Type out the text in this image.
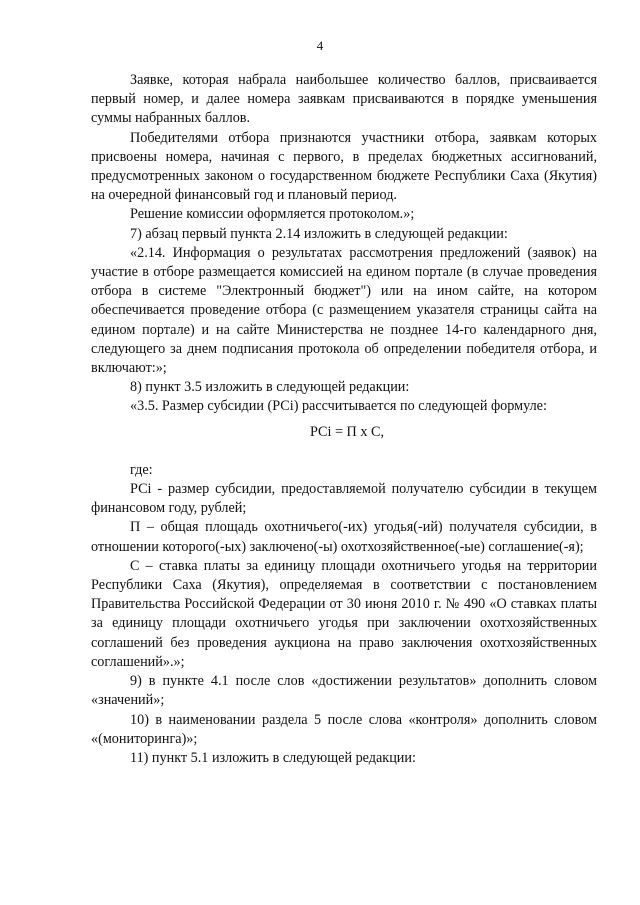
4

Заявке, которая набрала наибольшее количество баллов, присваивается первый номер, и далее номера заявкам присваиваются в порядке уменьшения суммы набранных баллов.

Победителями отбора признаются участники отбора, заявкам которых присвоены номера, начиная с первого, в пределах бюджетных ассигнований, предусмотренных законом о государственном бюджете Республики Саха (Якутия) на очередной финансовый год и плановый период.

Решение комиссии оформляется протоколом.»;

7) абзац первый пункта 2.14 изложить в следующей редакции:

«2.14. Информация о результатах рассмотрения предложений (заявок) на участие в отборе размещается комиссией на едином портале (в случае проведения отбора в системе "Электронный бюджет") или на ином сайте, на котором обеспечивается проведение отбора (с размещением указателя страницы сайта на едином портале) и на сайте Министерства не позднее 14-го календарного дня, следующего за днем подписания протокола об определении победителя отбора, и включают:»;

8) пункт 3.5 изложить в следующей редакции:

«3.5. Размер субсидии (РСi) рассчитывается по следующей формуле:

РСi = П х С,

где:

РСi - размер субсидии, предоставляемой получателю субсидии в текущем финансовом году, рублей;

П – общая площадь охотничьего(-их) угодья(-ий) получателя субсидии, в отношении которого(-ых) заключено(-ы) охотхозяйственное(-ые) соглашение(-я);

С – ставка платы за единицу площади охотничьего угодья на территории Республики Саха (Якутия), определяемая в соответствии с постановлением Правительства Российской Федерации от 30 июня 2010 г. № 490 «О ставках платы за единицу площади охотничьего угодья при заключении охотхозяйственных соглашений без проведения аукциона на право заключения охотхозяйственных соглашений».»;

9) в пункте 4.1 после слов «достижении результатов» дополнить словом «значений»;

10) в наименовании раздела 5 после слова «контроля» дополнить словом «(мониторинга)»;

11) пункт 5.1 изложить в следующей редакции:
